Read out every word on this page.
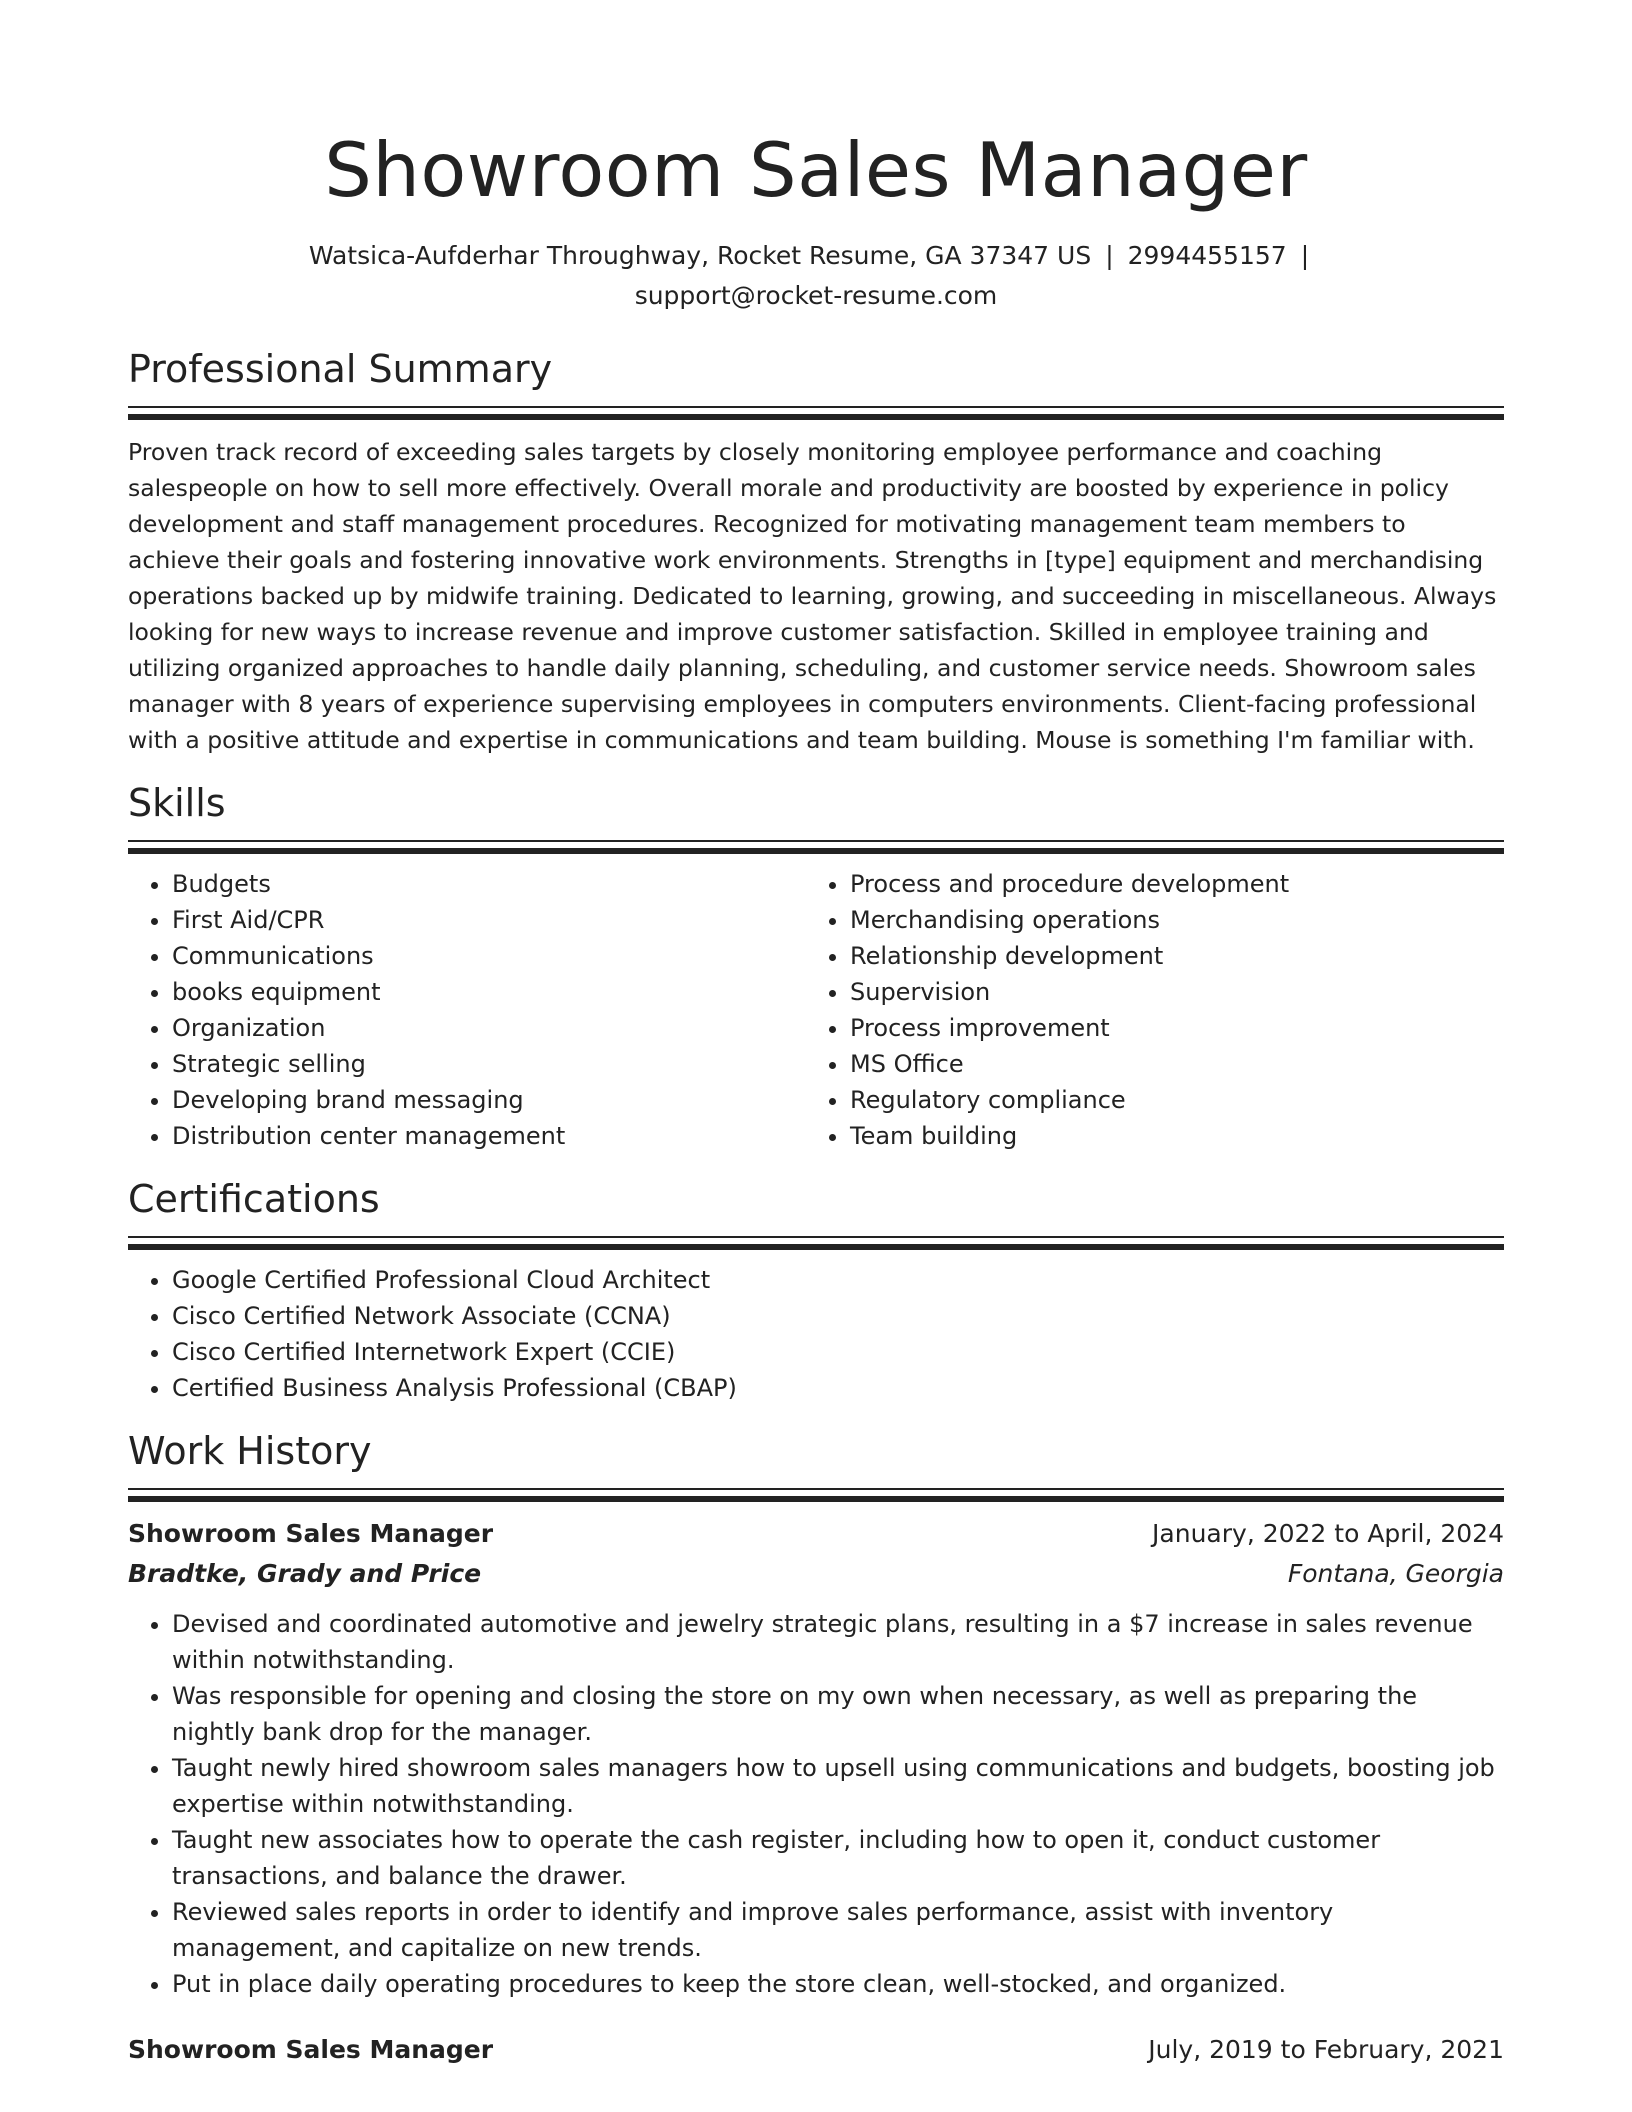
Showroom Sales Manager
Watsica-Aufderhar Throughway, Rocket Resume, GA 37347 US | 2994455157 |
support@rocket-resume.com
Professional Summary

Proven track record of exceeding sales targets by closely monitoring employee performance and coaching salespeople on how to sell more effectively. Overall morale and productivity are boosted by experience in policy development and staff management procedures. Recognized for motivating management team members to achieve their goals and fostering innovative work environments. Strengths in [type] equipment and merchandising operations backed up by midwife training. Dedicated to learning, growing, and succeeding in miscellaneous. Always looking for new ways to increase revenue and improve customer satisfaction. Skilled in employee training and utilizing organized approaches to handle daily planning, scheduling, and customer service needs. Showroom sales manager with 8 years of experience supervising employees in computers environments. Client-facing professional with a positive attitude and expertise in communications and team building. Mouse is something I'm familiar with.

Skills
• Budgets
• First Aid/CPR
• Communications
• books equipment
• Organization
• Strategic selling
• Developing brand messaging
• Distribution center management
• Process and procedure development
• Merchandising operations
• Relationship development
• Supervision
• Process improvement
• MS Office
• Regulatory compliance
• Team building
Certifications
• Google Certified Professional Cloud Architect
• Cisco Certified Network Associate (CCNA)
• Cisco Certified Internetwork Expert (CCIE)
• Certified Business Analysis Professional (CBAP)
Work History
Showroom Sales Manager	January, 2022 to April, 2024
Bradtke, Grady and Price	Fontana, Georgia
• Devised and coordinated automotive and jewelry strategic plans, resulting in a $7 increase in sales revenue within notwithstanding.
• Was responsible for opening and closing the store on my own when necessary, as well as preparing the nightly bank drop for the manager.
• Taught newly hired showroom sales managers how to upsell using communications and budgets, boosting job expertise within notwithstanding.
• Taught new associates how to operate the cash register, including how to open it, conduct customer transactions, and balance the drawer.
• Reviewed sales reports in order to identify and improve sales performance, assist with inventory management, and capitalize on new trends.
• Put in place daily operating procedures to keep the store clean, well-stocked, and organized.
Showroom Sales Manager	July, 2019 to February, 2021
